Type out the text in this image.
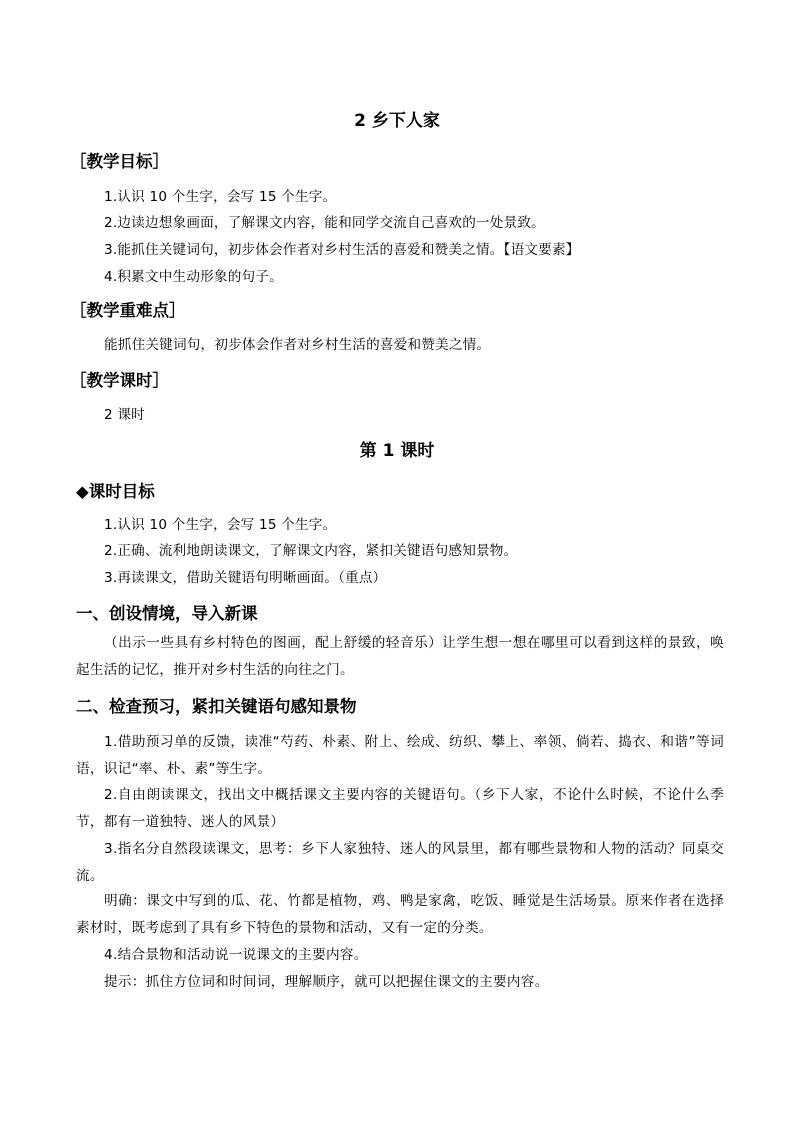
2 乡下人家
［教学目标］
1.认识 10 个生字，会写 15 个生字。
2.边读边想象画面，了解课文内容，能和同学交流自己喜欢的一处景致。
3.能抓住关键词句，初步体会作者对乡村生活的喜爱和赞美之情。【语文要素】
4.积累文中生动形象的句子。
［教学重难点］
能抓住关键词句，初步体会作者对乡村生活的喜爱和赞美之情。
［教学课时］
2 课时
第 1 课时
◆课时目标
1.认识 10 个生字，会写 15 个生字。
2.正确、流利地朗读课文，了解课文内容，紧扣关键语句感知景物。
3.再读课文，借助关键语句明晰画面。（重点）
一、创设情境，导入新课
（出示一些具有乡村特色的图画，配上舒缓的轻音乐）让学生想一想在哪里可以看到这样的景致，唤起生活的记忆，推开对乡村生活的向往之门。
二、检查预习，紧扣关键语句感知景物
1.借助预习单的反馈，读准“芍药、朴素、附上、绘成、纺织、攀上、率领、倘若、捣衣、和谐”等词语，识记“率、朴、素”等生字。
2.自由朗读课文，找出文中概括课文主要内容的关键语句。（乡下人家，不论什么时候，不论什么季节，都有一道独特、迷人的风景）
3.指名分自然段读课文，思考：乡下人家独特、迷人的风景里，都有哪些景物和人物的活动？同桌交流。
明确：课文中写到的瓜、花、竹都是植物，鸡、鸭是家禽，吃饭、睡觉是生活场景。原来作者在选择素材时，既考虑到了具有乡下特色的景物和活动，又有一定的分类。
4.结合景物和活动说一说课文的主要内容。
提示：抓住方位词和时间词，理解顺序，就可以把握住课文的主要内容。
